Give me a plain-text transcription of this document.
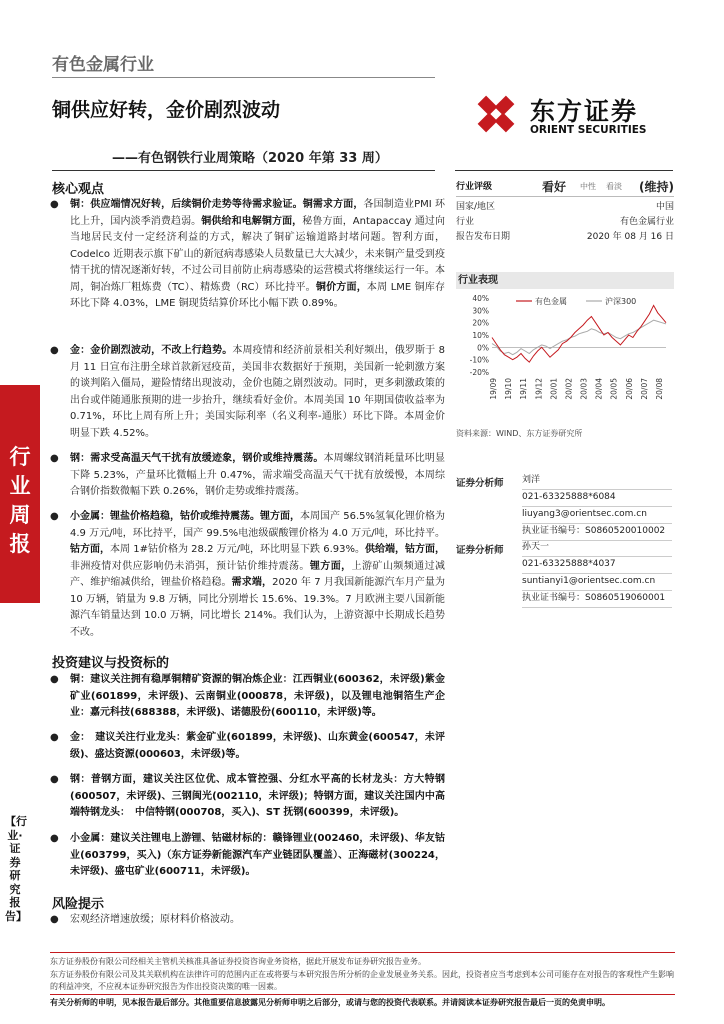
有色金属行业
铜供应好转，金价剧烈波动
——有色钢铁行业周策略（2020 年第 33 周）
东方证券
ORIENT SECURITIES
行业周报
【行业·证券研究报告】
核心观点
● 铜：供应端情况好转，后续铜价走势等待需求验证。铜需求方面，各国制造业PMI 环比上升，国内淡季消费趋弱。铜供给和电解铜方面，秘鲁方面，Antapaccay 通过向当地居民支付一定经济利益的方式，解决了铜矿运输道路封堵问题。智利方面，Codelco 近期表示旗下矿山的新冠病毒感染人员数量已大大减少，未来铜产量受到疫情干扰的情况逐渐好转，不过公司目前防止病毒感染的运营模式将继续运行一年。本周，铜冶炼厂粗炼费（TC）、精炼费（RC）环比持平。铜价方面，本周 LME 铜库存环比下降 4.03%，LME 铜现货结算价环比小幅下跌 0.89%。
● 金：金价剧烈波动，不改上行趋势。本周疫情和经济前景相关利好频出，俄罗斯于 8 月 11 日宣布注册全球首款新冠疫苗，美国非农数据好于预期，美国新一轮刺激方案的谈判陷入僵局，避险情绪出现波动，金价也随之剧烈波动。同时，更多刺激政策的出台或伴随通胀预期的进一步抬升，继续看好金价。本周美国 10 年期国债收益率为 0.71%，环比上周有所上升；美国实际利率（名义利率-通胀）环比下降。本周金价明显下跌 4.52%。
● 钢：需求受高温天气干扰有放缓迹象，钢价或维持震荡。本周螺纹钢消耗量环比明显下降 5.23%，产量环比微幅上升 0.47%，需求端受高温天气干扰有放缓慢，本周综合钢价指数微幅下跌 0.26%，钢价走势或维持震荡。
● 小金属：锂盐价格趋稳，钴价或维持震荡。锂方面，本周国产 56.5%氢氧化锂价格为 4.9 万元/吨，环比持平，国产 99.5%电池级碳酸锂价格为 4.0 万元/吨，环比持平。钴方面，本周 1#钴价格为 28.2 万元/吨，环比明显下跌 6.93%。供给端，钴方面，非洲疫情对供应影响仍未消弭，预计钴价维持震荡。锂方面，上游矿山频频通过减产、维护缩减供给，锂盐价格趋稳。需求端，2020 年 7 月我国新能源汽车月产量为 10 万辆，销量为 9.8 万辆，同比分别增长 15.6%、19.3%。7 月欧洲主要八国新能源汽车销量达到 10.0 万辆，同比增长 214%。我们认为，上游资源中长期成长趋势不改。
投资建议与投资标的
● 铜：建议关注拥有稳厚铜精矿资源的铜冶炼企业：江西铜业(600362，未评级)紫金矿业(601899，未评级)、云南铜业(000878，未评级)，以及锂电池铜箔生产企业：嘉元科技(688388，未评级)、诺德股份(600110，未评级)等。
● 金：　建议关注行业龙头：紫金矿业(601899，未评级)、山东黄金(600547，未评级)、盛达资源(000603，未评级)等。
● 钢：普钢方面，建议关注区位优、成本管控强、分红水平高的长材龙头：方大特钢(600507，未评级)、三钢闽光(002110，未评级)；特钢方面，建议关注国内中高端特钢龙头：　中信特钢(000708，买入)、ST 抚钢(600399，未评级)。
● 小金属：建议关注锂电上游锂、钴磁材标的：赣锋锂业(002460，未评级)、华友钴业(603799，买入)（东方证券新能源汽车产业链团队覆盖）、正海磁材(300224，未评级)、盛屯矿业(600711，未评级)。
风险提示
● 宏观经济增速放缓；原材料价格波动。
行业评级	看好 中性 看淡 (维持)
国家/地区	中国
行业	有色金属行业
报告发布日期	2020 年 08 月 16 日
行业表现
有色金属	沪深300
40%
30%
20%
10%
0%
-10%
-20%
19/09 19/10 19/11 19/12 20/01 20/02 20/03 20/04 20/05 20/06 20/07 20/08
资料来源：WIND、东方证券研究所
证券分析师 刘洋
021-63325888*6084
liuyang3@orientsec.com.cn
执业证书编号：S0860520010002
证券分析师 孙天一
021-63325888*4037
suntianyi1@orientsec.com.cn
执业证书编号：S0860519060001
东方证券股份有限公司经相关主管机关核准具备证券投资咨询业务资格，据此开展发布证券研究报告业务。
东方证券股份有限公司及其关联机构在法律许可的范围内正在或将要与本研究报告所分析的企业发展业务关系。因此，投资者应当考虑到本公司可能存在对报告的客观性产生影响的利益冲突，不应视本证券研究报告为作出投资决策的唯一因素。
有关分析师的申明，见本报告最后部分。其他重要信息披露见分析师申明之后部分，或请与您的投资代表联系。并请阅读本证券研究报告最后一页的免责申明。
